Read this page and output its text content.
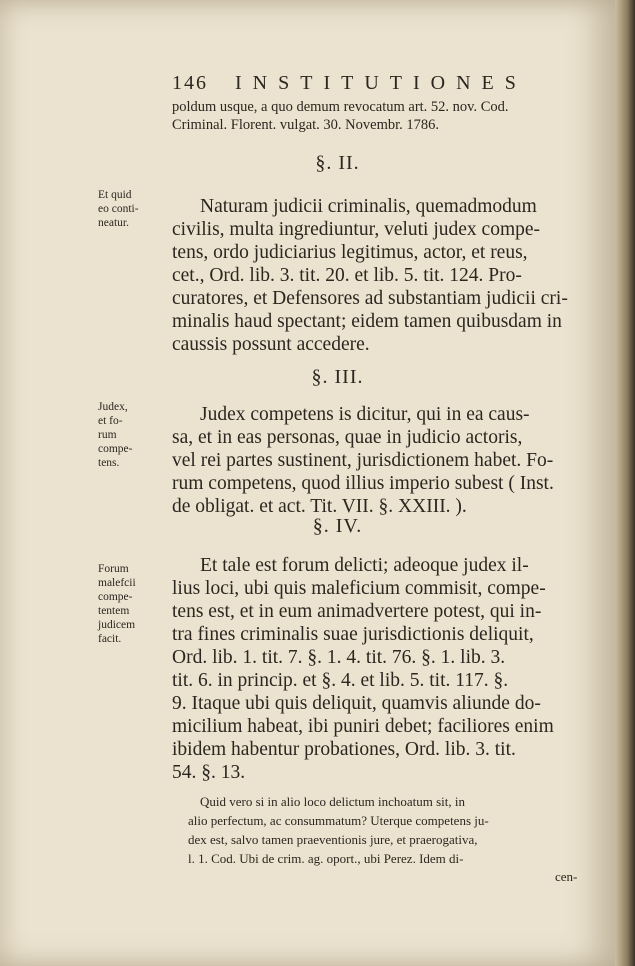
146 INSTITUTIONES
poldum usque, a quo demum revocatum art. 52. nov. Cod.
Criminal. Florent. vulgat. 30. Novembr. 1786.
§. II.
Et quid
eo conti-
neatur.
Naturam judicii criminalis, quemadmodum
civilis, multa ingrediuntur, veluti judex compe-
tens, ordo judiciarius legitimus, actor, et reus,
cet., Ord. lib. 3. tit. 20. et lib. 5. tit. 124. Pro-
curatores, et Defensores ad substantiam judicii cri-
minalis haud spectant; eidem tamen quibusdam in
caussis possunt accedere.
§. III.
Judex,
et fo-
rum
compe-
tens.
Judex competens is dicitur, qui in ea caus-
sa, et in eas personas, quae in judicio actoris,
vel rei partes sustinent, jurisdictionem habet. Fo-
rum competens, quod illius imperio subest ( Inst.
de obligat. et act. Tit. VII. §. XXIII. ).
§. IV.
Forum
malefcii
compe-
tentem
judicem
facit.
Et tale est forum delicti; adeoque judex il-
lius loci, ubi quis maleficium commisit, compe-
tens est, et in eum animadvertere potest, qui in-
tra fines criminalis suae jurisdictionis deliquit,
Ord. lib. 1. tit. 7. §. 1. 4. tit. 76. §. 1. lib. 3.
tit. 6. in princip. et §. 4. et lib. 5. tit. 117. §.
9. Itaque ubi quis deliquit, quamvis aliunde do-
micilium habeat, ibi puniri debet; faciliores enim
ibidem habentur probationes, Ord. lib. 3. tit.
54. §. 13.
Quid vero si in alio loco delictum inchoatum sit, in
alio perfectum, ac consummatum? Uterque competens ju-
dex est, salvo tamen praeventionis jure, et praerogativa,
l. 1. Cod. Ubi de crim. ag. oport., ubi Perez. Idem di-
cen-
